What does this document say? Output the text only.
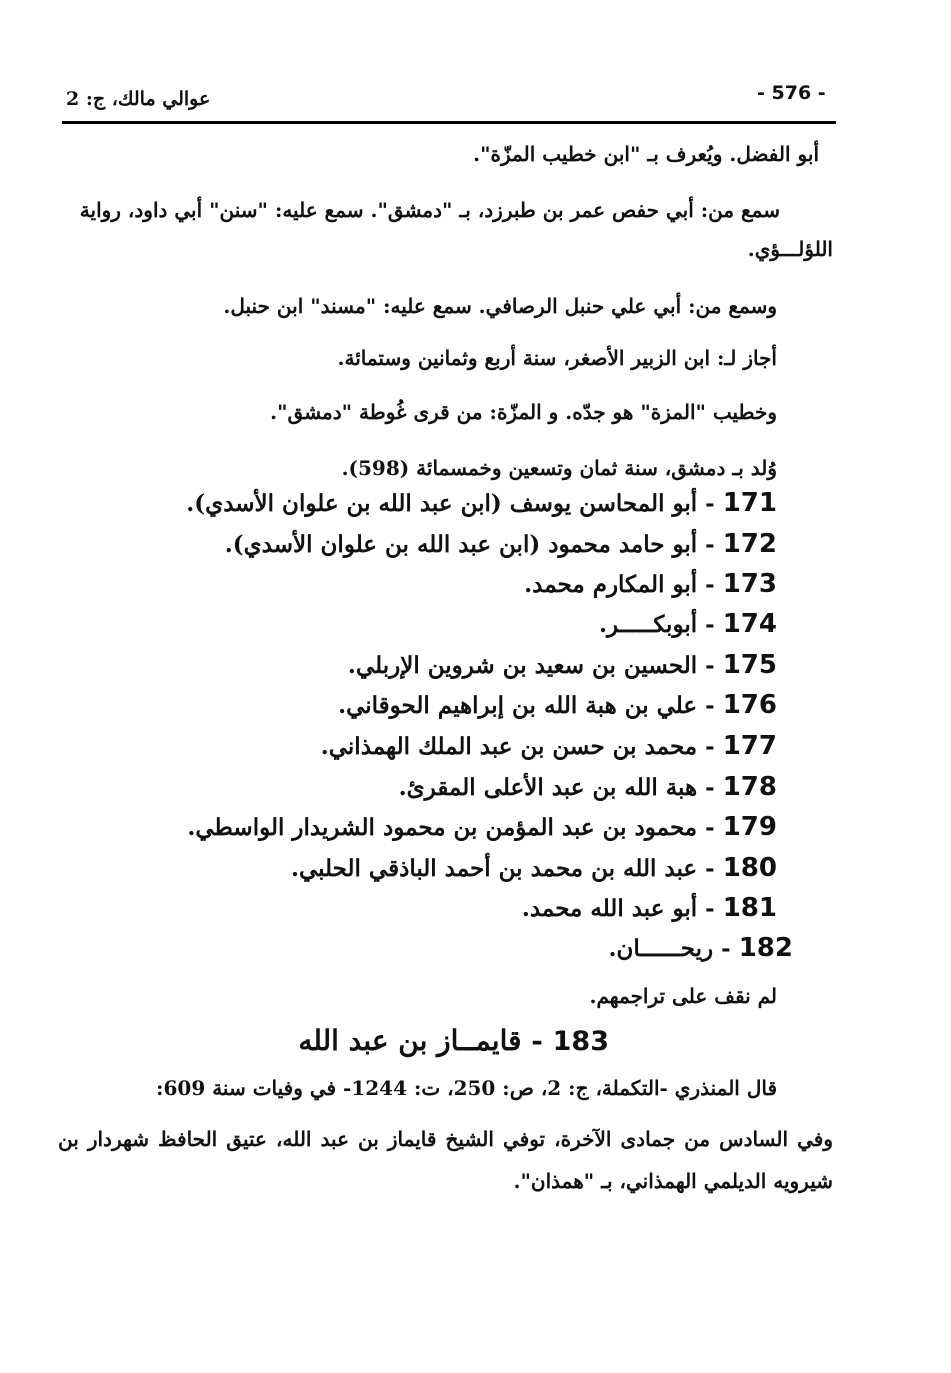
عوالي مالك، ج: 2	- 576 -
أبو الفضل. ويُعرف بـ "ابن خطيب المزّة".
سمع من: أبي حفص عمر بن طبرزد، بـ "دمشق". سمع عليه: "سنن" أبي داود، رواية
اللؤلـــؤي.
وسمع من: أبي علي حنبل الرصافي. سمع عليه: "مسند" ابن حنبل.
أجاز لـ: ابن الزبير الأصغر، سنة أربع وثمانين وستمائة.
وخطيب "المزة" هو جدّه. و المزّة: من قرى غُوطة "دمشق".
وُلد بـ دمشق، سنة ثمان وتسعين وخمسمائة (598).
171 - أبو المحاسن يوسف (ابن عبد الله بن علوان الأسدي).
172 - أبو حامد محمود (ابن عبد الله بن علوان الأسدي).
173 - أبو المكارم محمد.
174 - أبوبكـــــر.
175 - الحسين بن سعيد بن شروين الإربلي.
176 - علي بن هبة الله بن إبراهيم الحوقاني.
177 - محمد بن حسن بن عبد الملك الهمذاني.
178 - هبة الله بن عبد الأعلى المقرئ.
179 - محمود بن عبد المؤمن بن محمود الشريدار الواسطي.
180 - عبد الله بن محمد بن أحمد الباذقي الحلبي.
181 - أبو عبد الله محمد.
182 - ريحــــــان.
لم نقف على تراجمهم.
183 - قايمــاز بن عبد الله
قال المنذري -التكملة، ج: 2، ص: 250، ت: 1244- في وفيات سنة 609:
وفي السادس من جمادى الآخرة، توفي الشيخ قايماز بن عبد الله، عتيق الحافظ شهردار بن شيرويه الديلمي الهمذاني، بـ "همذان".
